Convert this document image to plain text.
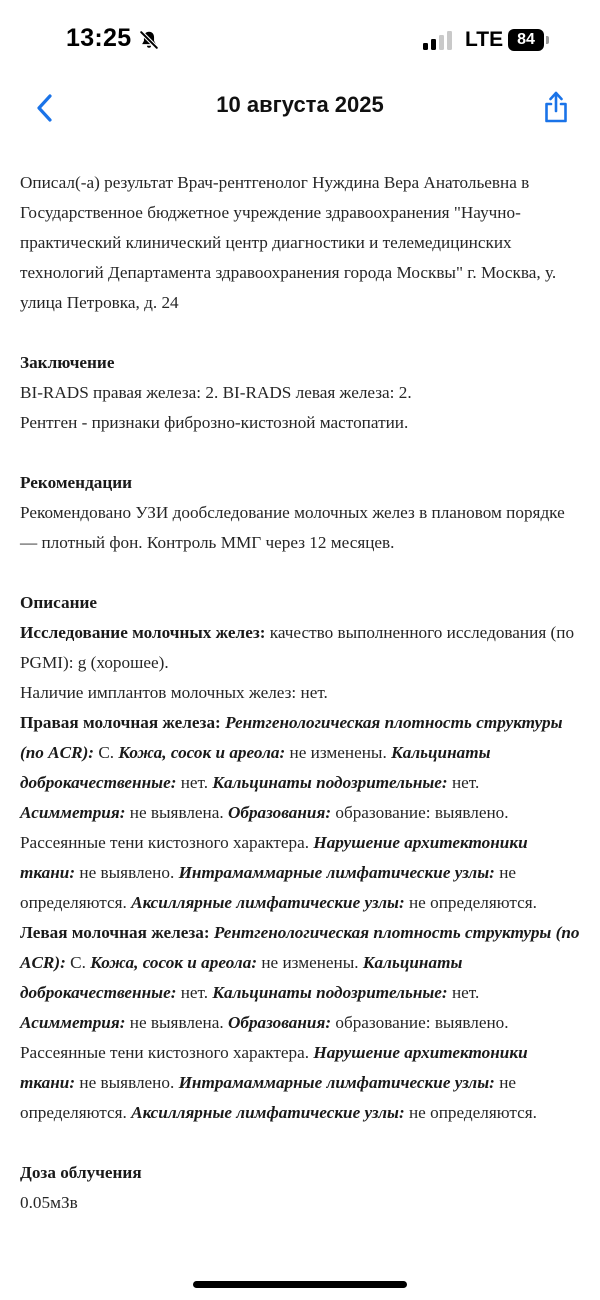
13:25	LTE 84
10 августа 2025

Описал(-а) результат Врач-рентгенолог Нуждина Вера Анатольевна в Государственное бюджетное учреждение здравоохранения "Научно-практический клинический центр диагностики и телемедицинских технологий Департамента здравоохранения города Москвы" г. Москва, у. улица Петровка, д. 24

Заключение
BI-RADS правая железа: 2. BI-RADS левая железа: 2.
Рентген - признаки фиброзно-кистозной мастопатии.
Рекомендации
Рекомендовано УЗИ дообследование молочных желез в плановом порядке — плотный фон. Контроль ММГ через 12 месяцев.
Описание
Исследование молочных желез: качество выполненного исследования (по PGMI): g (хорошее).
Наличие имплантов молочных желез: нет.
Правая молочная железа: Рентгенологическая плотность структуры (по ACR): C. Кожа, сосок и ареола: не изменены. Кальцинаты доброкачественные: нет. Кальцинаты подозрительные: нет. Асимметрия: не выявлена. Образования: образование: выявлено. Рассеянные тени кистозного характера. Нарушение архитектоники ткани: не выявлено. Интрамаммарные лимфатические узлы: не определяются. Аксиллярные лимфатические узлы: не определяются.
Левая молочная железа: Рентгенологическая плотность структуры (по ACR): C. Кожа, сосок и ареола: не изменены. Кальцинаты доброкачественные: нет. Кальцинаты подозрительные: нет. Асимметрия: не выявлена. Образования: образование: выявлено. Рассеянные тени кистозного характера. Нарушение архитектоники ткани: не выявлено. Интрамаммарные лимфатические узлы: не определяются. Аксиллярные лимфатические узлы: не определяются.
Доза облучения
0.05мЗв
